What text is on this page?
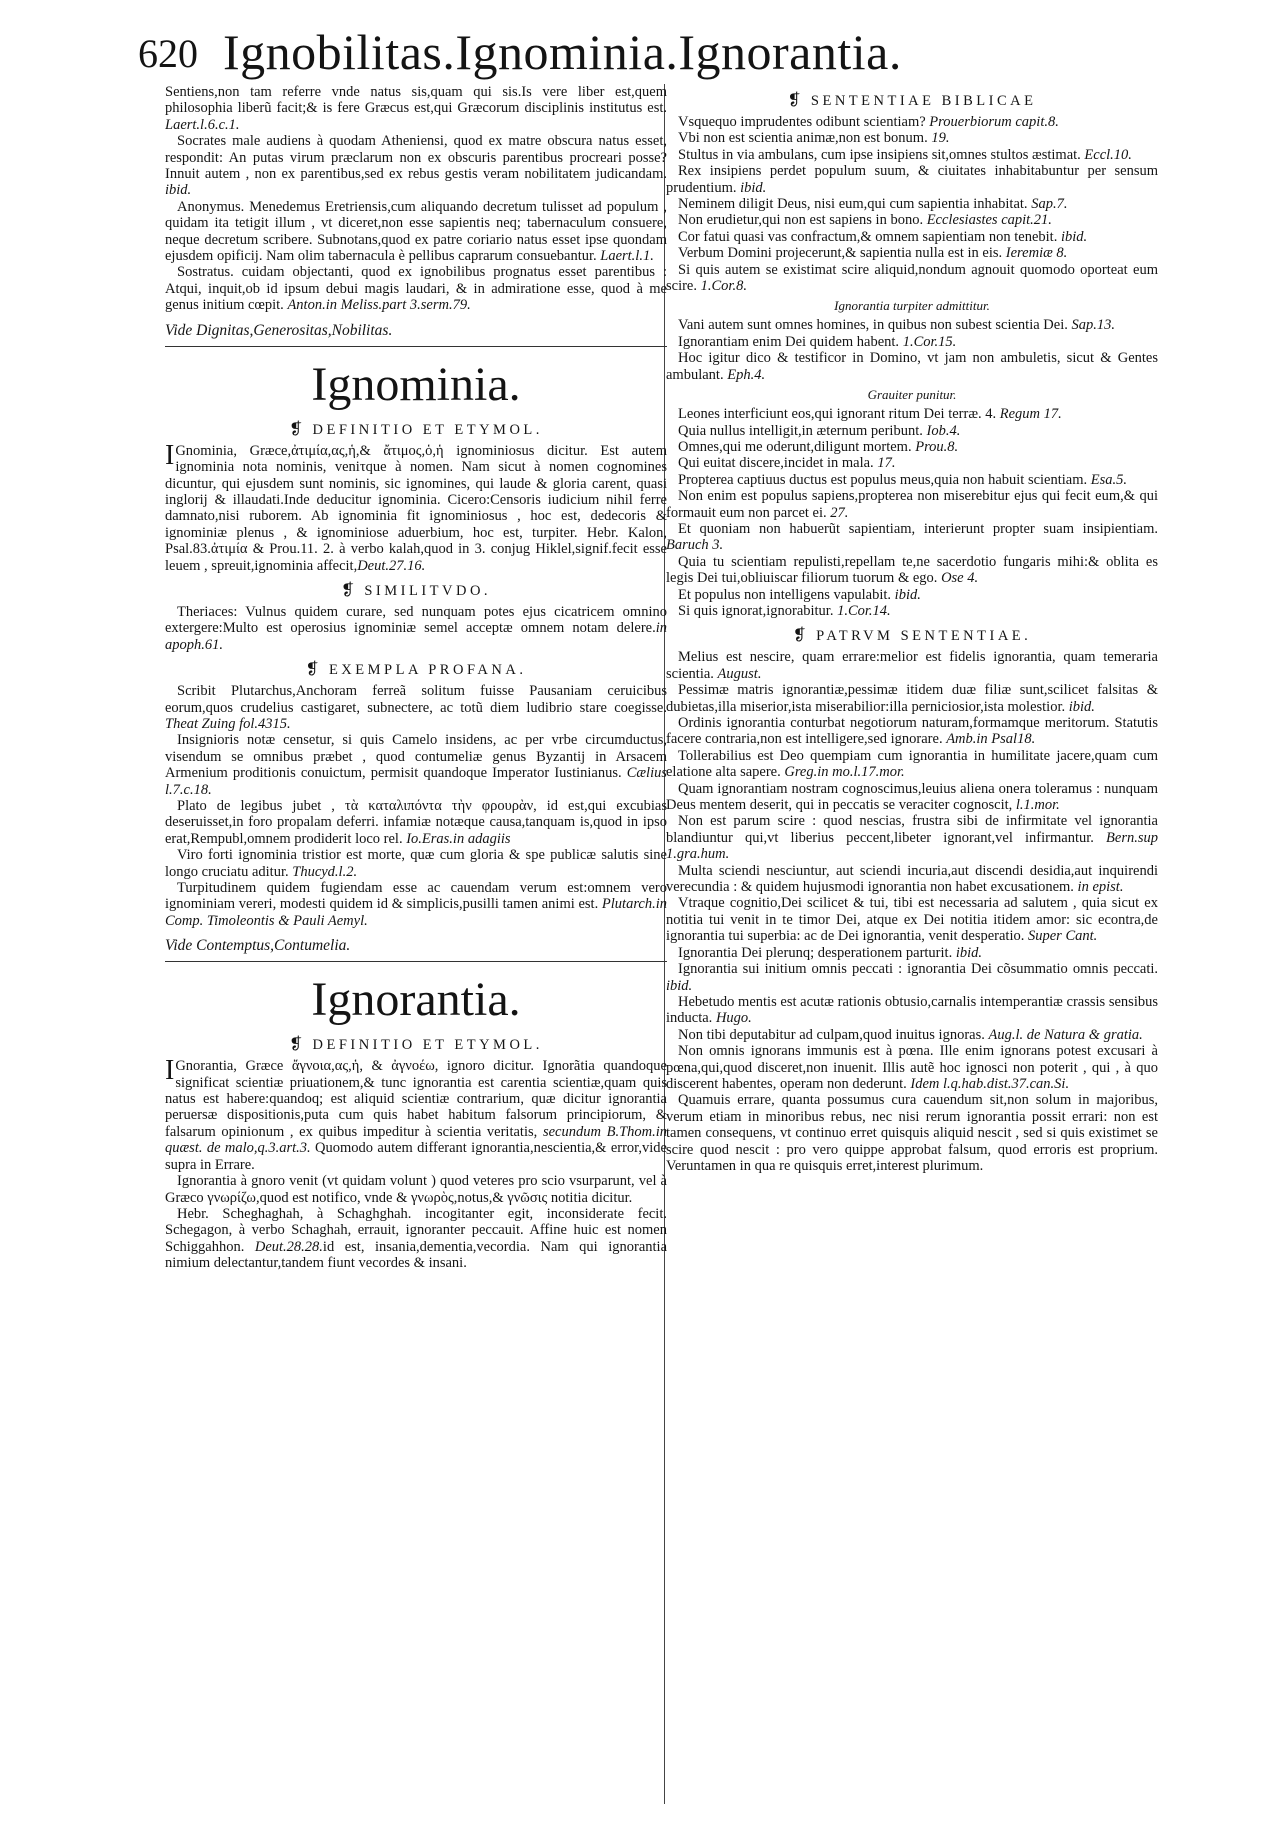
620 Ignobilitas.Ignominia.Ignorantia.

Sentiens,non tam referre vnde natus sis,quam qui sis.Is vere liber est,quem philosophia liberũ facit;& is fere Græcus est,qui Græcorum disciplinis institutus est. Laert.l.6.c.1.

Socrates male audiens à quodam Atheniensi, quod ex matre obscura natus esset, respondit: An putas virum præclarum non ex obscuris parentibus procreari posse?Innuit autem , non ex parentibus,sed ex rebus gestis veram nobilitatem judicandam. ibid.

Anonymus. Menedemus Eretriensis,cum aliquando decretum tulisset ad populum , quidam ita tetigit illum , vt diceret,non esse sapientis neq; tabernaculum consuere, neque decretum scribere. Subnotans,quod ex patre coriario natus esset ipse quondam ejusdem opificij. Nam olim tabernacula è pellibus caprarum consuebantur. Laert.l.1.

Sostratus. cuidam objectanti, quod ex ignobilibus prognatus esset parentibus : Atqui, inquit,ob id ipsum debui magis laudari, & in admiratione esse, quod à me genus initium cœpit. Anton.in Meliss.part 3.serm.79.

Vide Dignitas,Generositas,Nobilitas.
Ignominia.
❡ DEFINITIO ET ETYMOL.

I Gnominia, Græce,ἀτιμία,ας,ἡ,& ἄτιμος,ὁ,ἡ ignominiosus dicitur. Est autem ignominia nota nominis, veniτque à nomen. Nam sicut à nomen cognomines dicuntur, qui ejusdem sunt nominis, sic ignomines, qui laude & gloria carent, quasi inglorij & illaudati.Inde deducitur ignominia. Cicero:Censoris iudicium nihil ferre damnato,nisi ruborem. Ab ignominia fit ignominiosus , hoc est, dedecoris & ignominiæ plenus , & ignominiose aduerbium, hoc est, turpiter. Hebr. Kalon, Psal.83.ἀτιμία & Prou.11. 2. à verbo kalah,quod in 3. conjug Hiklel,signif.fecit esse leuem , spreuit,ignominia affecit,Deut.27.16.

❡ SIMILITVDO.

Theriaces: Vulnus quidem curare, sed nunquam potes ejus cicatricem omnino extergere:Multo est operosius ignominiæ semel acceptæ omnem notam delere.in apoph.61.

❡ EXEMPLA PROFANA.

Scribit Plutarchus,Anchoram ferreã solitum fuisse Pausaniam ceruicibus eorum,quos crudelius castigaret, subnectere, ac totũ diem ludibrio stare coegisse. Theat Zuing fol.4315.

Insignioris notæ censetur, si quis Camelo insidens, ac per vrbe circumductus, visendum se omnibus præbet , quod contumeliæ genus Byzantij in Arsacem Armenium proditionis conuictum, permisit quandoque Imperator Iustinianus. Cælius l.7.c.18.

Plato de legibus jubet , τὰ καταλιπόντα τὴν φρουρὰν, id est,qui excubias deseruisset,in foro propalam deferri. infamiæ notæque causa,tanquam is,quod in ipso erat,Rempubl,omnem prodiderit loco rel. Io.Eras.in adagiis

Viro forti ignominia tristior est morte, quæ cum gloria & spe publicæ salutis sine longo cruciatu aditur. Thucyd.l.2.

Turpitudinem quidem fugiendam esse ac cauendam verum est:omnem vero ignominiam vereri, modesti quidem id & simplicis,pusilli tamen animi est. Plutarch.in Comp. Timoleontis & Pauli Aemyl.

Vide Contemptus,Contumelia.
Ignorantia.
❡ DEFINITIO ET ETYMOL.

I Gnorantia, Græce ἄγνοια,ας,ἡ, & ἀγνοέω, ignoro dicitur. Ignorãtia quandoque significat scientiæ priuationem,& tunc ignorantia est carentia scientiæ,quam quis natus est habere:quandoq; est aliquid scientiæ contrarium, quæ dicitur ignorantia peruersæ dispositionis,puta cum quis habet habitum falsorum principiorum, & falsarum opinionum , ex quibus impeditur à scientia veritatis, secundum B.Thom.in quæst. de malo,q.3.art.3. Quomodo autem differant ignorantia,nescientia,& error,vide supra in Errare.

Ignorantia à gnoro venit (vt quidam volunt ) quod veteres pro scio vsurparunt, vel à Græco γνωρίζω,quod est notifico, vnde & γνωρὸς,notus,& γνῶσις notitia dicitur.

Hebr. Scheghaghah, à Schaghghah. incogitanter egit, inconsiderate fecit. Schegagon, à verbo Schaghah, errauit, ignoranter peccauit. Affine huic est nomen Schiggahhon. Deut.28.28.id est, insania,dementia,vecordia. Nam qui ignorantia nimium delectantur,tandem fiunt vecordes & insani.

❡ SENTENTIAE BIBLICAE

Vsquequo imprudentes odibunt scientiam? Prouerbiorum capit.8.

Vbi non est scientia animæ,non est bonum. 19.

Stultus in via ambulans, cum ipse insipiens sit,omnes stultos æstimat. Eccl.10.

Rex insipiens perdet populum suum, & ciuitates inhabitabuntur per sensum prudentium. ibid.

Neminem diligit Deus, nisi eum,qui cum sapientia inhabitat. Sap.7.

Non erudietur,qui non est sapiens in bono. Ecclesiastes capit.21.

Cor fatui quasi vas confractum,& omnem sapientiam non tenebit. ibid.

Verbum Domini projecerunt,& sapientia nulla est in eis. Ieremiæ 8.

Si quis autem se existimat scire aliquid,nondum agnouit quomodo oporteat eum scire. 1.Cor.8.

Ignorantia turpiter admittitur.

Vani autem sunt omnes homines, in quibus non subest scientia Dei. Sap.13.

Ignorantiam enim Dei quidem habent. 1.Cor.15.

Hoc igitur dico & testificor in Domino, vt jam non ambuletis, sicut & Gentes ambulant. Eph.4.

Grauiter punitur.

Leones interficiunt eos,qui ignorant ritum Dei terræ. 4. Regum 17.

Quia nullus intelligit,in æternum peribunt. Iob.4.

Omnes,qui me oderunt,diligunt mortem. Prou.8.

Qui euitat discere,incidet in mala. 17.

Propterea captiuus ductus est populus meus,quia non habuit scientiam. Esa.5.

Non enim est populus sapiens,propterea non miserebitur ejus qui fecit eum,& qui formauit eum non parcet ei. 27.

Et quoniam non habuerũt sapientiam, interierunt propter suam insipientiam. Baruch 3.

Quia tu scientiam repulisti,repellam te,ne sacerdotio fungaris mihi:& oblita es legis Dei tui,obliuiscar filiorum tuorum & ego. Ose 4.

Et populus non intelligens vapulabit. ibid.

Si quis ignorat,ignorabitur. 1.Cor.14.

❡ PATRVM SENTENTIAE.

Melius est nescire, quam errare:melior est fidelis ignorantia, quam temeraria scientia. August.

Pessimæ matris ignorantiæ,pessimæ itidem duæ filiæ sunt,scilicet falsitas & dubietas,illa miserior,ista miserabilior:illa perniciosior,ista molestior. ibid.

Ordinis ignorantia conturbat negotiorum naturam,formamque meritorum. Statutis facere contraria,non est intelligere,sed ignorare. Amb.in Psal18.

Tollerabilius est Deo quempiam cum ignorantia in humilitate jacere,quam cum elatione alta sapere. Greg.in mo.l.17.mor.

Quam ignorantiam nostram cognoscimus,leuius aliena onera toleramus : nunquam Deus mentem deserit, qui in peccatis se veraciter cognoscit, l.1.mor.

Non est parum scire : quod nescias, frustra sibi de infirmitate vel ignorantia blandiuntur qui,vt liberius peccent,libeter ignorant,vel infirmantur. Bern.sup 1.gra.hum.

Multa sciendi nesciuntur, aut sciendi incuria,aut discendi desidia,aut inquirendi verecundia : & quidem hujusmodi ignorantia non habet excusationem. in epist.

Vtraque cognitio,Dei scilicet & tui, tibi est necessaria ad salutem , quia sicut ex notitia tui venit in te timor Dei, atque ex Dei notitia itidem amor: sic econtra,de ignorantia tui superbia: ac de Dei ignorantia, venit desperatio. Super Cant.

Ignorantia Dei plerunq; desperationem parturit. ibid.

Ignorantia sui initium omnis peccati : ignorantia Dei cõsummatio omnis peccati. ibid.

Hebetudo mentis est acutæ rationis obtusio,carnalis intemperantiæ crassis sensibus inducta. Hugo.

Non tibi deputabitur ad culpam,quod inuitus ignoras. Aug.l. de Natura & gratia.

Non omnis ignorans immunis est à pœna. Ille enim ignorans potest excusari à pœna,qui,quod disceret,non inuenit. Illis autẽ hoc ignosci non poterit , qui , à quo discerent habentes, operam non dederunt. Idem l.q.hab.dist.37.can.Si.

Quamuis errare, quanta possumus cura cauendum sit,non solum in majoribus, verum etiam in minoribus rebus, nec nisi rerum ignorantia possit errari: non est tamen consequens, vt continuo erret quisquis aliquid nescit , sed si quis existimet se scire quod nescit : pro vero quippe approbat falsum, quod erroris est proprium. Veruntamen in qua re quisquis erret,interest plurimum.
